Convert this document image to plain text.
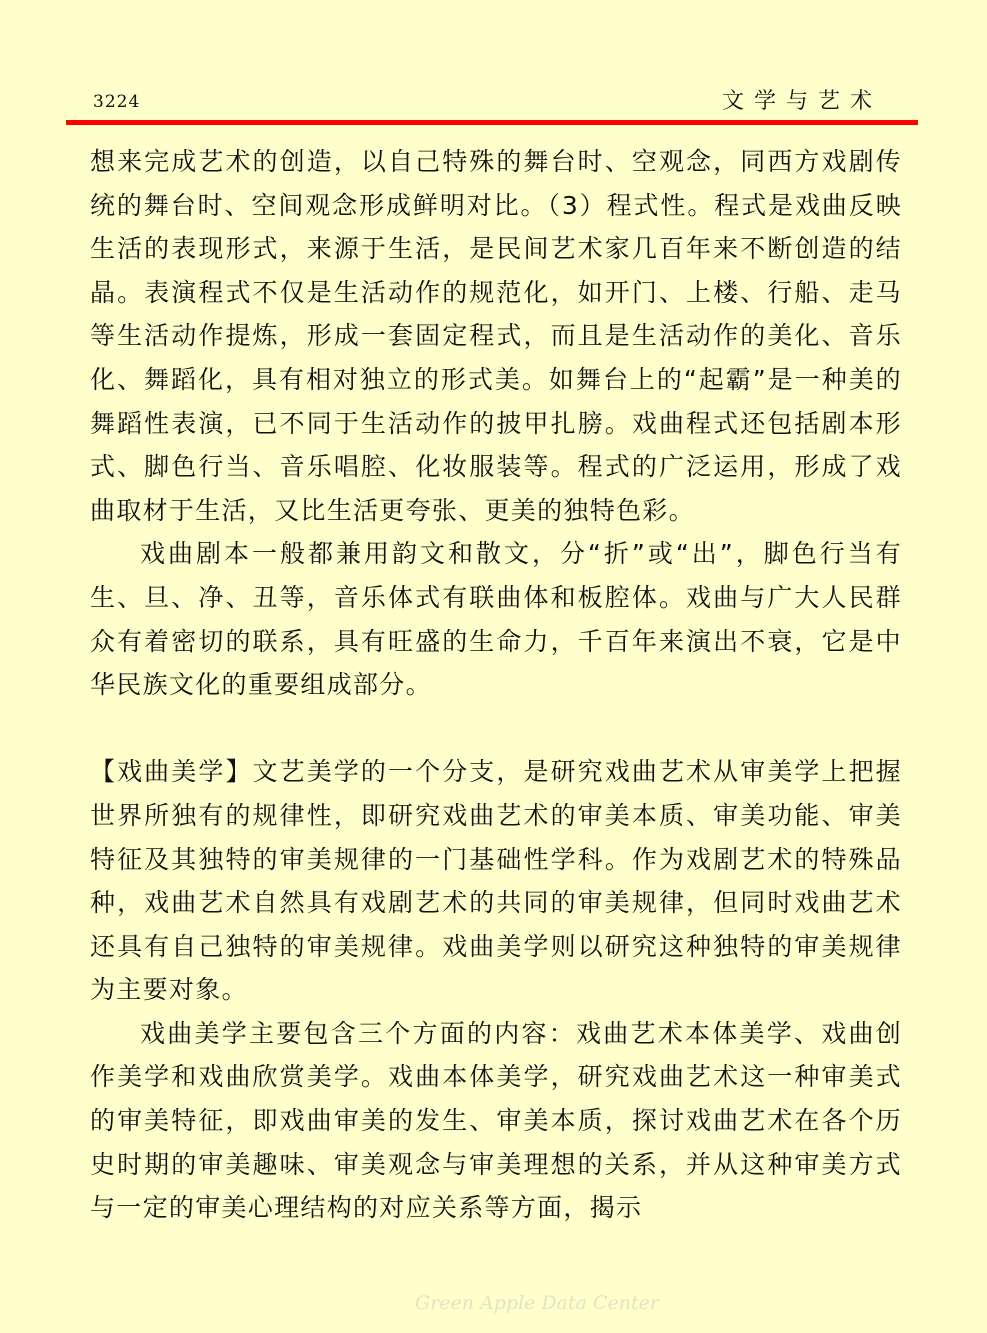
3224	文学与艺术

想来完成艺术的创造，以自己特殊的舞台时、空观念，同西方戏剧传统的舞台时、空间观念形成鲜明对比。（3）程式性。程式是戏曲反映生活的表现形式，来源于生活，是民间艺术家几百年来不断创造的结晶。表演程式不仅是生活动作的规范化，如开门、上楼、行船、走马等生活动作提炼，形成一套固定程式，而且是生活动作的美化、音乐化、舞蹈化，具有相对独立的形式美。如舞台上的“起霸”是一种美的舞蹈性表演，已不同于生活动作的披甲扎膀。戏曲程式还包括剧本形式、脚色行当、音乐唱腔、化妆服装等。程式的广泛运用，形成了戏曲取材于生活，又比生活更夸张、更美的独特色彩。

戏曲剧本一般都兼用韵文和散文，分“折”或“出”，脚色行当有生、旦、净、丑等，音乐体式有联曲体和板腔体。戏曲与广大人民群众有着密切的联系，具有旺盛的生命力，千百年来演出不衰，它是中华民族文化的重要组成部分。

【戏曲美学】文艺美学的一个分支，是研究戏曲艺术从审美学上把握世界所独有的规律性，即研究戏曲艺术的审美本质、审美功能、审美特征及其独特的审美规律的一门基础性学科。作为戏剧艺术的特殊品种，戏曲艺术自然具有戏剧艺术的共同的审美规律，但同时戏曲艺术还具有自己独特的审美规律。戏曲美学则以研究这种独特的审美规律为主要对象。

戏曲美学主要包含三个方面的内容：戏曲艺术本体美学、戏曲创作美学和戏曲欣赏美学。戏曲本体美学，研究戏曲艺术这一种审美式的审美特征，即戏曲审美的发生、审美本质，探讨戏曲艺术在各个历史时期的审美趣味、审美观念与审美理想的关系，并从这种审美方式与一定的审美心理结构的对应关系等方面，揭示

Green Apple Data Center
